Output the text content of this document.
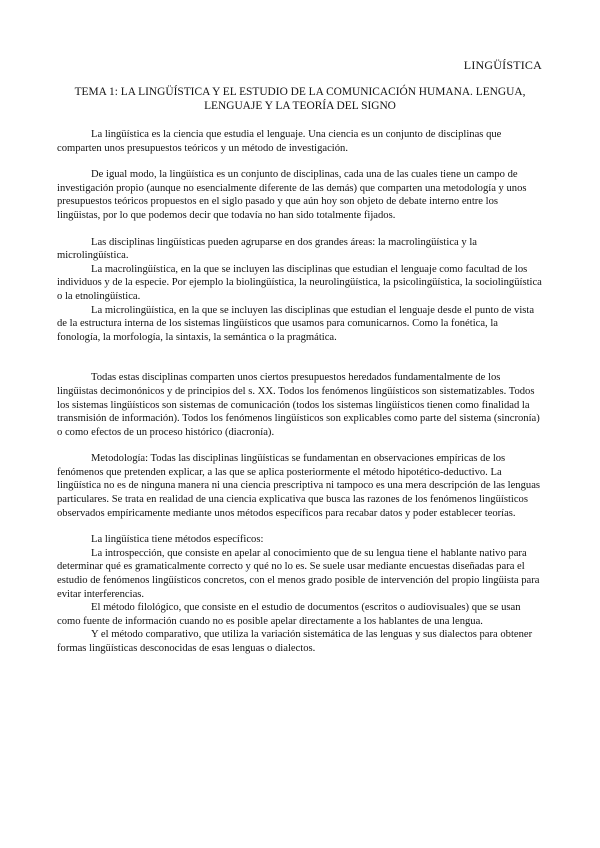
LINGÜÍSTICA
TEMA 1: LA LINGÜÍSTICA Y EL ESTUDIO DE LA COMUNICACIÓN HUMANA. LENGUA, LENGUAJE Y LA TEORÍA DEL SIGNO

La lingüística es la ciencia que estudia el lenguaje. Una ciencia es un conjunto de disciplinas que comparten unos presupuestos teóricos y un método de investigación.

De igual modo, la lingüística es un conjunto de disciplinas, cada una de las cuales tiene un campo de investigación propio (aunque no esencialmente diferente de las demás) que comparten una metodología y unos presupuestos teóricos propuestos en el siglo pasado y que aún hoy son objeto de debate interno entre los lingüistas, por lo que podemos decir que todavía no han sido totalmente fijados.

Las disciplinas lingüísticas pueden agruparse en dos grandes áreas: la macrolingüística y la microlingüística.

La macrolingüística, en la que se incluyen las disciplinas que estudian el lenguaje como facultad de los individuos y de la especie. Por ejemplo la biolingüística, la neurolingüística, la psicolingüística, la sociolingüística o la etnolingüística.

La microlingüística, en la que se incluyen las disciplinas que estudian el lenguaje desde el punto de vista de la estructura interna de los sistemas lingüísticos que usamos para comunicarnos. Como la fonética, la fonología, la morfología, la sintaxis, la semántica o la pragmática.

Todas estas disciplinas comparten unos ciertos presupuestos heredados fundamentalmente de los lingüistas decimonónicos y de principios del s. XX. Todos los fenómenos lingüísticos son sistematizables. Todos los sistemas lingüísticos son sistemas de comunicación (todos los sistemas lingüísticos tienen como finalidad la transmisión de información). Todos los fenómenos lingüísticos son explicables como parte del sistema (sincronía) o como efectos de un proceso histórico (diacronía).

Metodología: Todas las disciplinas lingüísticas se fundamentan en observaciones empíricas de los fenómenos que pretenden explicar, a las que se aplica posteriormente el método hipotético-deductivo. La lingüística no es de ninguna manera ni una ciencia prescriptiva ni tampoco es una mera descripción de las lenguas particulares. Se trata en realidad de una ciencia explicativa que busca las razones de los fenómenos lingüísticos observados empíricamente mediante unos métodos específicos para recabar datos y poder establecer teorías.

La lingüística tiene métodos específicos:

La introspección, que consiste en apelar al conocimiento que de su lengua tiene el hablante nativo para determinar qué es gramaticalmente correcto y qué no lo es. Se suele usar mediante encuestas diseñadas para el estudio de fenómenos lingüísticos concretos, con el menos grado posible de intervención del propio lingüista para evitar interferencias.

El método filológico, que consiste en el estudio de documentos (escritos o audiovisuales) que se usan como fuente de información cuando no es posible apelar directamente a los hablantes de una lengua.

Y el método comparativo, que utiliza la variación sistemática de las lenguas y sus dialectos para obtener formas lingüísticas desconocidas de esas lenguas o dialectos.
